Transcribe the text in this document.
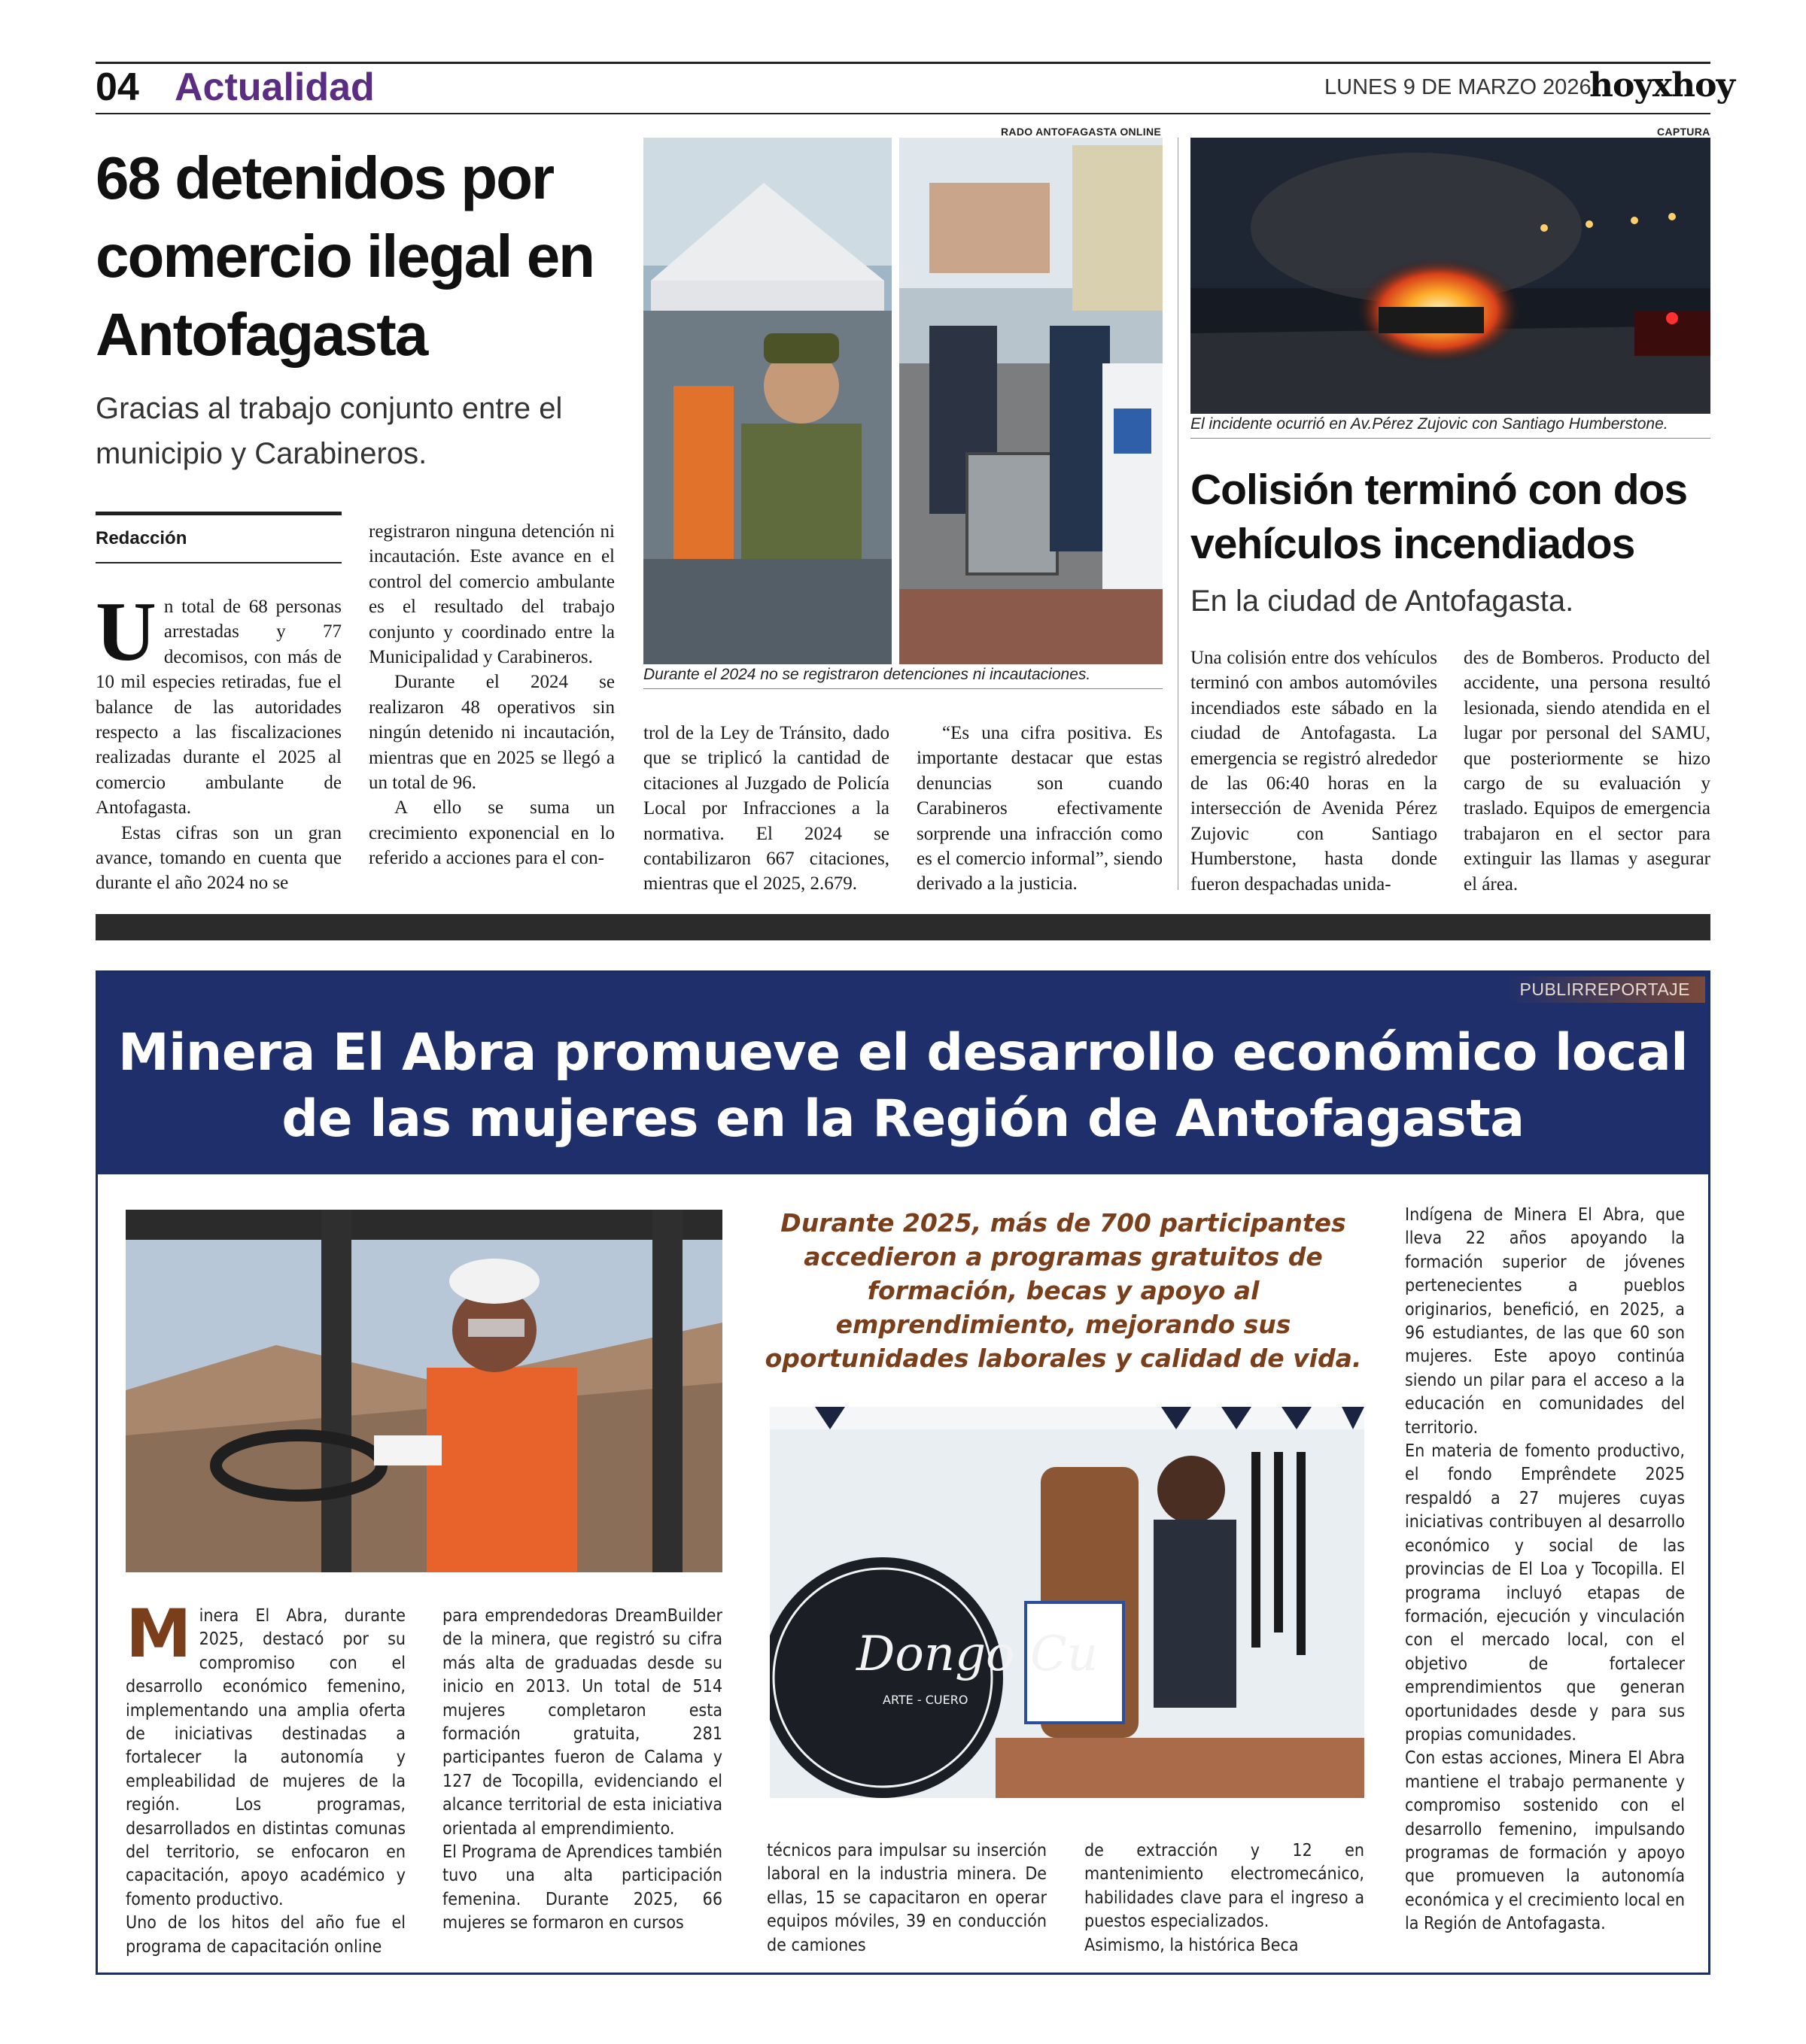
04 Actualidad	LUNES 9 DE MARZO 2026
hoyxhoy
68 detenidos por comercio ilegal en Antofagasta
Gracias al trabajo conjunto entre el municipio y Carabineros.
Redacción

Un total de 68 personas arrestadas y 77 decomisos, con más de 10 mil especies retiradas, fue el balance de las autoridades respecto a las fiscalizaciones realizadas durante el 2025 al comercio ambulante de Antofagasta.

Estas cifras son un gran avance, tomando en cuenta que durante el año 2024 no se

registraron ninguna detención ni incautación. Este avance en el control del comercio ambulante es el resultado del trabajo conjunto y coordinado entre la Municipalidad y Carabineros.

Durante el 2024 se realizaron 48 operativos sin ningún detenido ni incautación, mientras que en 2025 se llegó a un total de 96.

A ello se suma un crecimiento exponencial en lo referido a acciones para el con-

trol de la Ley de Tránsito, dado que se triplicó la cantidad de citaciones al Juzgado de Policía Local por Infracciones a la normativa. El 2024 se contabilizaron 667 citaciones, mientras que el 2025, 2.679.

“Es una cifra positiva. Es importante destacar que estas denuncias son cuando Carabineros efectivamente sorprende una infracción como es el comercio informal”, siendo derivado a la justicia.

RADO ANTOFAGASTA ONLINE
Durante el 2024 no se registraron detenciones ni incautaciones.
CAPTURA
El incidente ocurrió en Av.Pérez Zujovic con Santiago Humberstone.
Colisión terminó con dos vehículos incendiados
En la ciudad de Antofagasta.

Una colisión entre dos vehículos terminó con ambos automóviles incendiados este sábado en la ciudad de Antofagasta. La emergencia se registró alrededor de las 06:40 horas en la intersección de Avenida Pérez Zujovic con Santiago Humberstone, hasta donde fueron despachadas unida-

des de Bomberos. Producto del accidente, una persona resultó lesionada, siendo atendida en el lugar por personal del SAMU, que posteriormente se hizo cargo de su evaluación y traslado. Equipos de emergencia trabajaron en el sector para extinguir las llamas y asegurar el área.

PUBLIRREPORTAJE
Minera El Abra promueve el desarrollo económico local
de las mujeres en la Región de Antofagasta
Durante 2025, más de 700 participantes accedieron a programas gratuitos de formación, becas y apoyo al emprendimiento, mejorando sus oportunidades laborales y calidad de vida.
Dongo Cu
ARTE - CUERO

Minera El Abra, durante 2025, destacó por su compromiso con el desarrollo económico femenino, implementando una amplia oferta de iniciativas destinadas a fortalecer la autonomía y empleabilidad de mujeres de la región. Los programas, desarrollados en distintas comunas del territorio, se enfocaron en capacitación, apoyo académico y fomento productivo.

Uno de los hitos del año fue el programa de capacitación online

para emprendedoras DreamBuilder de la minera, que registró su cifra más alta de graduadas desde su inicio en 2013. Un total de 514 mujeres completaron esta formación gratuita, 281 participantes fueron de Calama y 127 de Tocopilla, evidenciando el alcance territorial de esta iniciativa orientada al emprendimiento.

El Programa de Aprendices también tuvo una alta participación femenina. Durante 2025, 66 mujeres se formaron en cursos

técnicos para impulsar su inserción laboral en la industria minera. De ellas, 15 se capacitaron en operar equipos móviles, 39 en conducción de camiones

de extracción y 12 en mantenimiento electromecánico, habilidades clave para el ingreso a puestos especializados.

Asimismo, la histórica Beca

Indígena de Minera El Abra, que lleva 22 años apoyando la formación superior de jóvenes pertenecientes a pueblos originarios, benefició, en 2025, a 96 estudiantes, de las que 60 son mujeres. Este apoyo continúa siendo un pilar para el acceso a la educación en comunidades del territorio.

En materia de fomento productivo, el fondo Emprêndete 2025 respaldó a 27 mujeres cuyas iniciativas contribuyen al desarrollo económico y social de las provincias de El Loa y Tocopilla. El programa incluyó etapas de formación, ejecución y vinculación con el mercado local, con el objetivo de fortalecer emprendimientos que generan oportunidades desde y para sus propias comunidades.

Con estas acciones, Minera El Abra mantiene el trabajo permanente y compromiso sostenido con el desarrollo femenino, impulsando programas de formación y apoyo que promueven la autonomía económica y el crecimiento local en la Región de Antofagasta.
